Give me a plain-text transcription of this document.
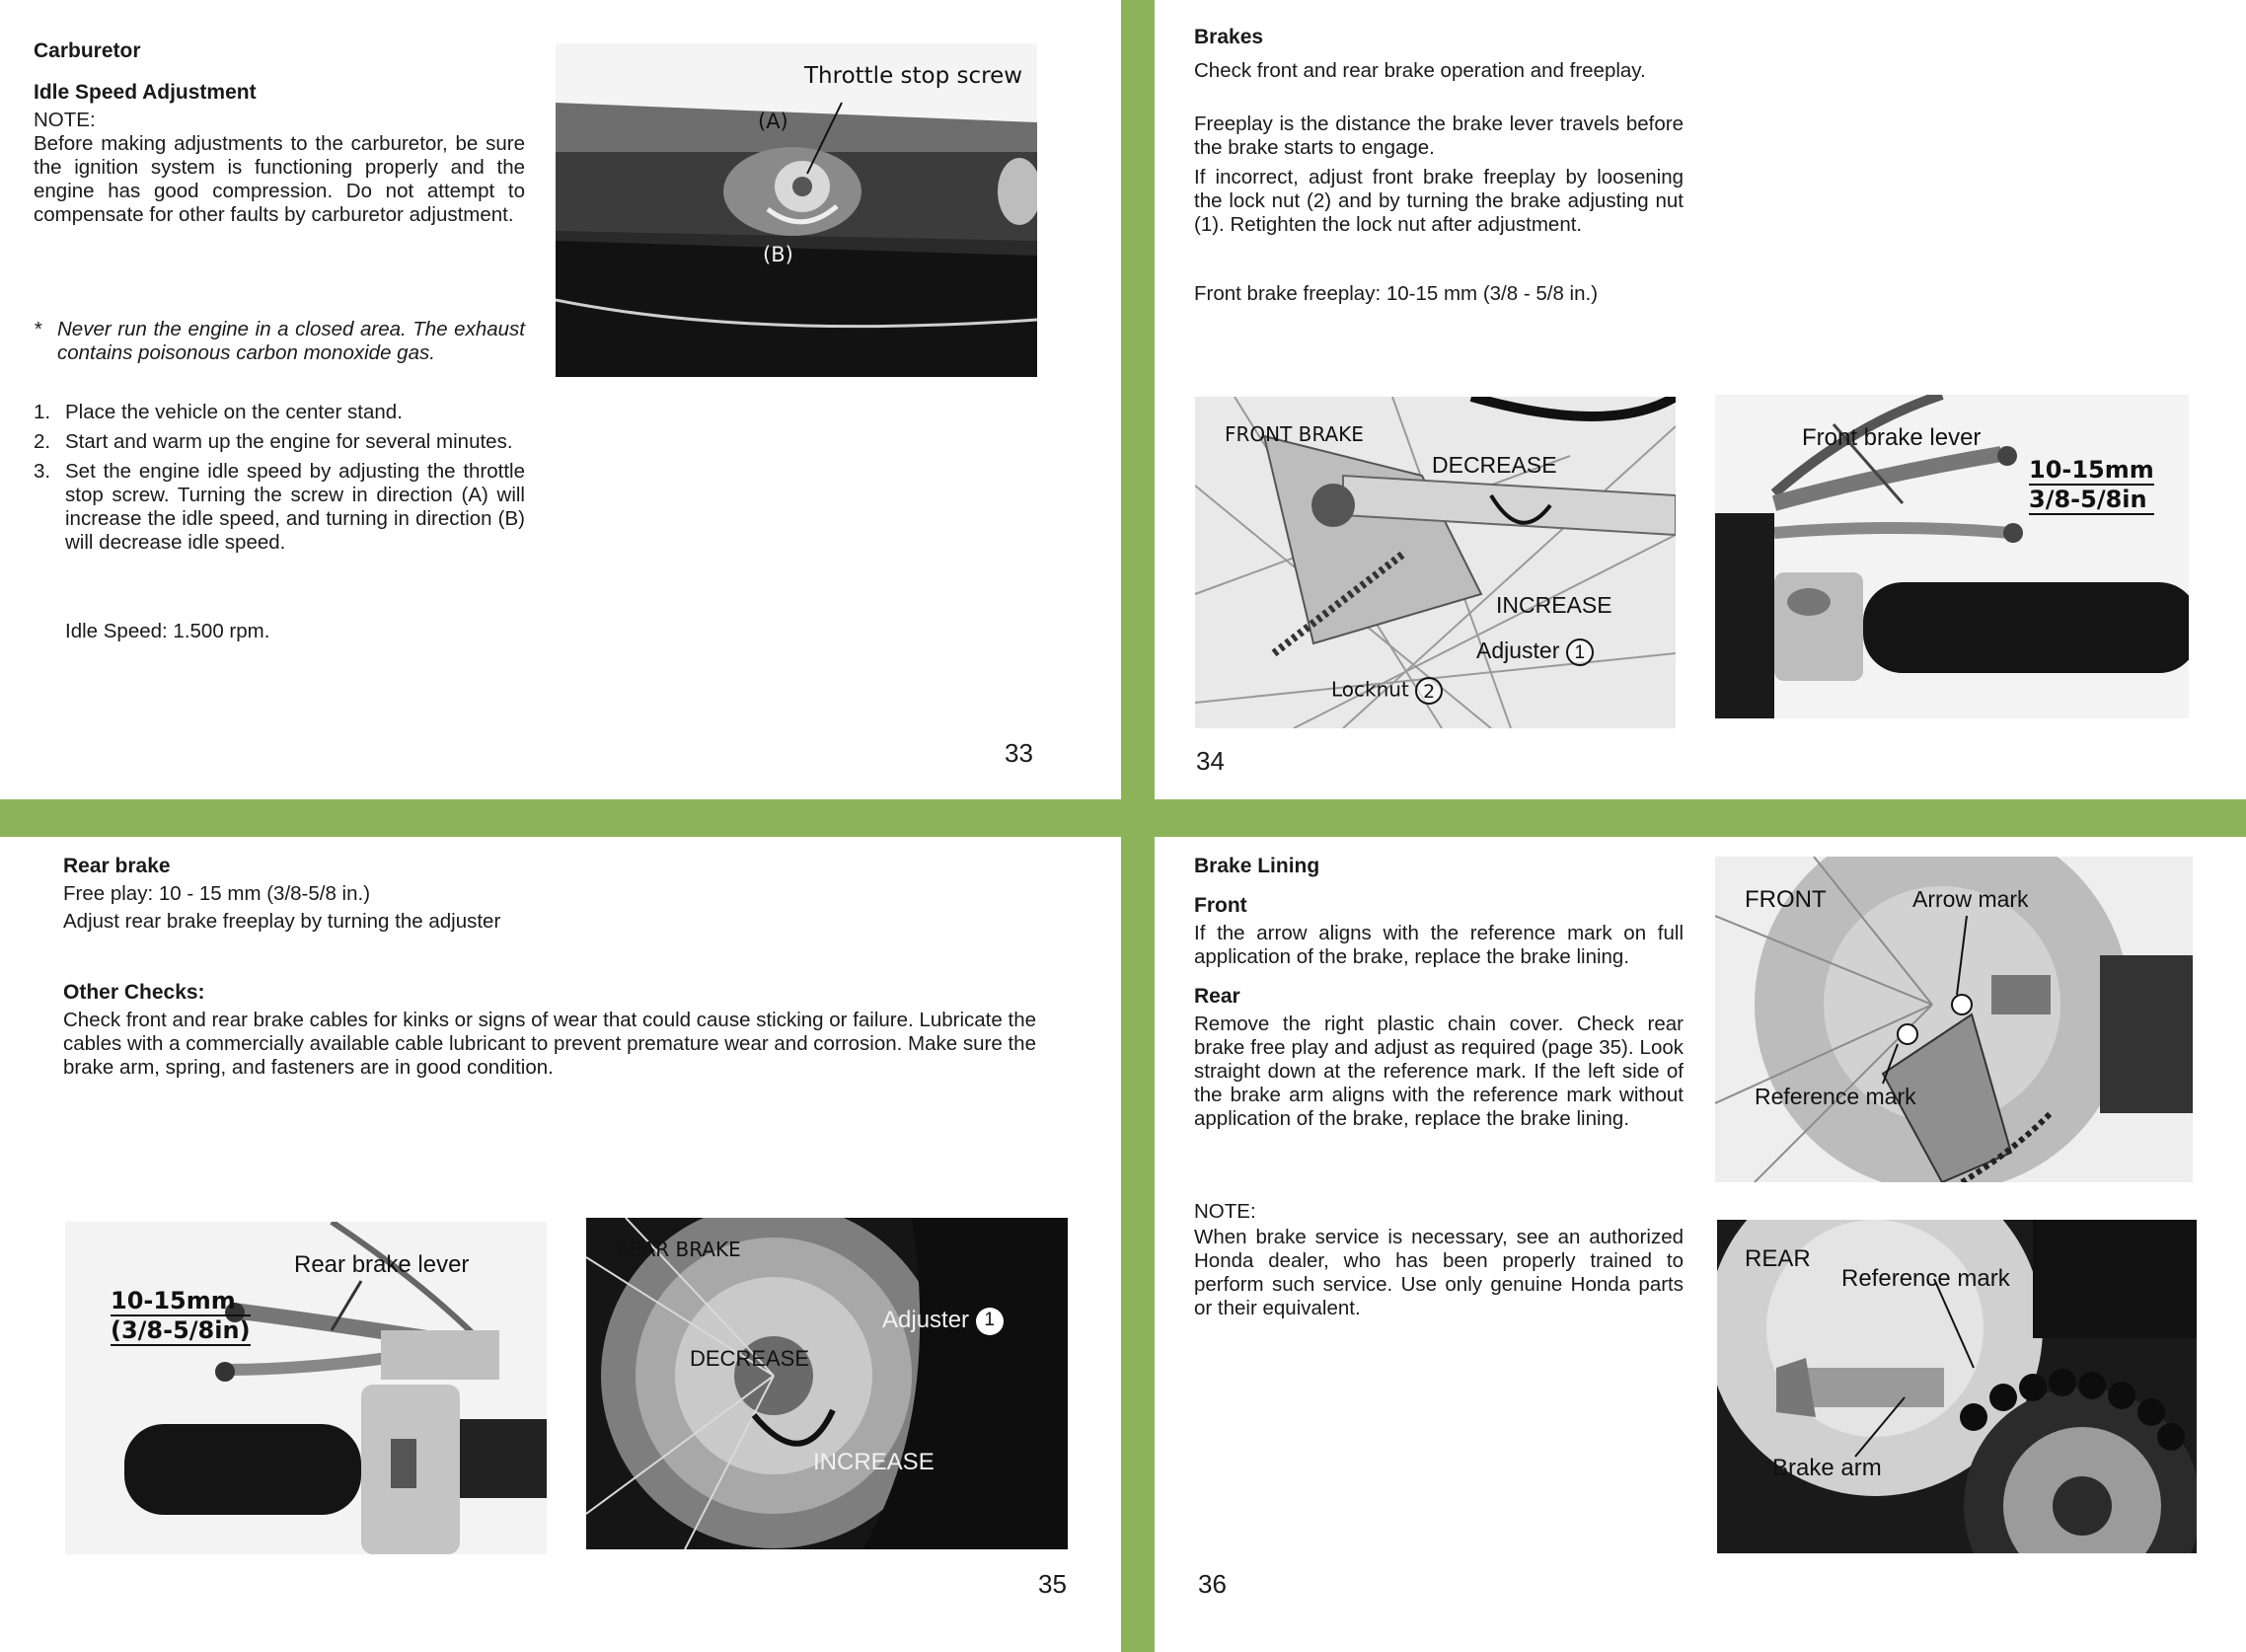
Carburetor
Idle Speed Adjustment
NOTE:
Before making adjustments to the carburetor, be sure the ignition system is functioning properly and the engine has good compression. Do not attempt to compensate for other faults by carburetor adjustment.
* Never run the engine in a closed area. The exhaust contains poisonous carbon monoxide gas.
1. Place the vehicle on the center stand.
2. Start and warm up the engine for several minutes.
3. Set the engine idle speed by adjusting the throttle stop screw. Turning the screw in direction (A) will increase the idle speed, and turning in direction (B) will decrease idle speed.
Idle Speed: 1.500 rpm.
Throttle stop screw
(A)
(B)
33
Brakes
Check front and rear brake operation and freeplay.
Freeplay is the distance the brake lever travels before the brake starts to engage.
If incorrect, adjust front brake freeplay by loosening the lock nut (2) and by turning the brake adjusting nut (1). Retighten the lock nut after adjustment.
Front brake freeplay: 10-15 mm (3/8 - 5/8 in.)
FRONT BRAKE
DECREASE
INCREASE
Adjuster 1
Locknut 2
Front brake lever
10-15mm
3/8-5/8in
34
Rear brake
Free play: 10 - 15 mm (3/8-5/8 in.)
Adjust rear brake freeplay by turning the adjuster
Other Checks:
Check front and rear brake cables for kinks or signs of wear that could cause sticking or failure. Lubricate the cables with a commercially available cable lubricant to prevent premature wear and corrosion. Make sure the brake arm, spring, and fasteners are in good condition.
Rear brake lever
10-15mm
(3/8-5/8in)
REAR BRAKE
Adjuster 1
DECREASE
INCREASE
35
Brake Lining
Front
If the arrow aligns with the reference mark on full application of the brake, replace the brake lining.
Rear
Remove the right plastic chain cover. Check rear brake free play and adjust as required (page 35). Look straight down at the reference mark. If the left side of the brake arm aligns with the reference mark without application of the brake, replace the brake lining.
NOTE:
When brake service is necessary, see an authorized Honda dealer, who has been properly trained to perform such service. Use only genuine Honda parts or their equivalent.
FRONT	Arrow mark
Reference mark
REAR
Reference mark
Brake arm
36
